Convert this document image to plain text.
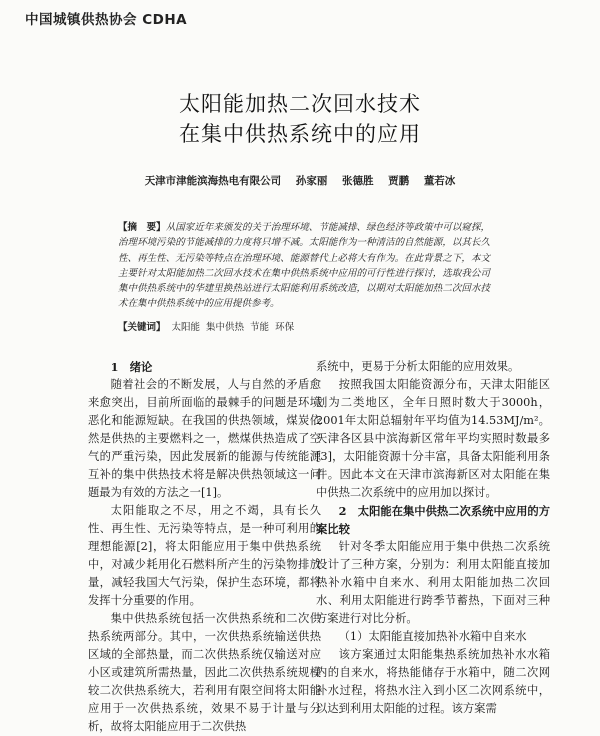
中国城镇供热协会 CDHA
太阳能加热二次回水技术
在集中供热系统中的应用
天津市津能滨海热电有限公司 孙家丽 张德胜 贾鹏 董若冰
【摘　要】从国家近年来颁发的关于治理环境、节能减排、绿色经济等政策中可以窥探，治理环境污染的节能减排的力度将只增不减。太阳能作为一种清洁的自然能源，以其长久性、再生性、无污染等特点在治理环境、能源替代上必将大有作为。在此背景之下，本文主要针对太阳能加热二次回水技术在集中供热系统中应用的可行性进行探讨，选取我公司集中供热系统中的华建里换热站进行太阳能利用系统改造，以期对太阳能加热二次回水技术在集中供热系统中的应用提供参考。
【关键词】 太阳能 集中供热 节能 环保

1　绪论

随着社会的不断发展，人与自然的矛盾愈来愈突出，目前所面临的最棘手的问题是环境恶化和能源短缺。在我国的供热领域，煤炭依然是供热的主要燃料之一，燃煤供热造成了空气的严重污染，因此发展新的能源与传统能源互补的集中供热技术将是解决供热领域这一问题最为有效的方法之一[1]。

太阳能取之不尽，用之不竭，具有长久性、再生性、无污染等特点，是一种可利用的理想能源[2]，将太阳能应用于集中供热系统中，对减少耗用化石燃料所产生的污染物排放量，减轻我国大气污染，保护生态环境，都将发挥十分重要的作用。

集中供热系统包括一次供热系统和二次供热系统两部分。其中，一次供热系统输送供热区域的全部热量，而二次供热系统仅输送对应小区或建筑所需热量，因此二次供热系统规模较二次供热系统大，若利用有限空间将太阳能应用于一次供热系统，效果不易于计量与分析，故将太阳能应用于二次供热

系统中，更易于分析太阳能的应用效果。

按照我国太阳能资源分布，天津太阳能区划为二类地区，全年日照时数大于3000h，2001年太阳总辐射年平均值为14.53MJ/m²。天津各区县中滨海新区常年平均实照时数最多[3]，太阳能资源十分丰富，具备太阳能利用条件。因此本文在天津市滨海新区对太阳能在集中供热二次系统中的应用加以探讨。

2　太阳能在集中供热二次系统中应用的方案比较

针对冬季太阳能应用于集中供热二次系统设计了三种方案，分别为：利用太阳能直接加热补水箱中自来水、利用太阳能加热二次回水、利用太阳能进行跨季节蓄热，下面对三种方案进行对比分析。

（1）太阳能直接加热补水箱中自来水

该方案通过太阳能集热系统加热补水水箱内的自来水，将热能储存于水箱中，随二次网补水过程，将热水注入到小区二次网系统中，以达到利用太阳能的过程。该方案需
